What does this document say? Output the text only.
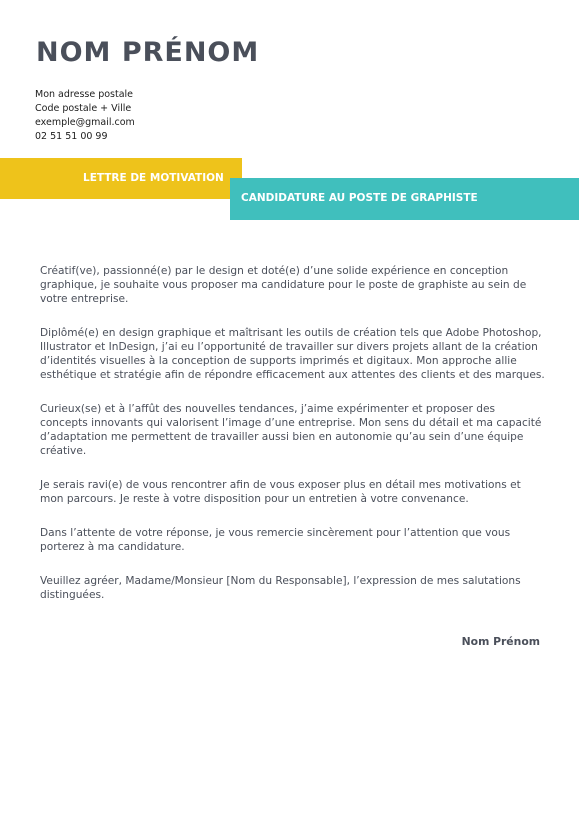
NOM PRÉNOM
Mon adresse postale
Code postale + Ville
exemple@gmail.com
02 51 51 00 99
LETTRE DE MOTIVATION
CANDIDATURE AU POSTE DE GRAPHISTE

Créatif(ve), passionné(e) par le design et doté(e) d’une solide expérience en conception graphique, je souhaite vous proposer ma candidature pour le poste de graphiste au sein de votre entreprise.

Diplômé(e) en design graphique et maîtrisant les outils de création tels que Adobe Photoshop, Illustrator et InDesign, j’ai eu l’opportunité de travailler sur divers projets allant de la création d’identités visuelles à la conception de supports imprimés et digitaux. Mon approche allie esthétique et stratégie afin de répondre efficacement aux attentes des clients et des marques.

Curieux(se) et à l’affût des nouvelles tendances, j’aime expérimenter et proposer des concepts innovants qui valorisent l’image d’une entreprise. Mon sens du détail et ma capacité d’adaptation me permettent de travailler aussi bien en autonomie qu’au sein d’une équipe créative.

Je serais ravi(e) de vous rencontrer afin de vous exposer plus en détail mes motivations et mon parcours. Je reste à votre disposition pour un entretien à votre convenance.

Dans l’attente de votre réponse, je vous remercie sincèrement pour l’attention que vous porterez à ma candidature.

Veuillez agréer, Madame/Monsieur [Nom du Responsable], l’expression de mes salutations distinguées.

Nom Prénom
